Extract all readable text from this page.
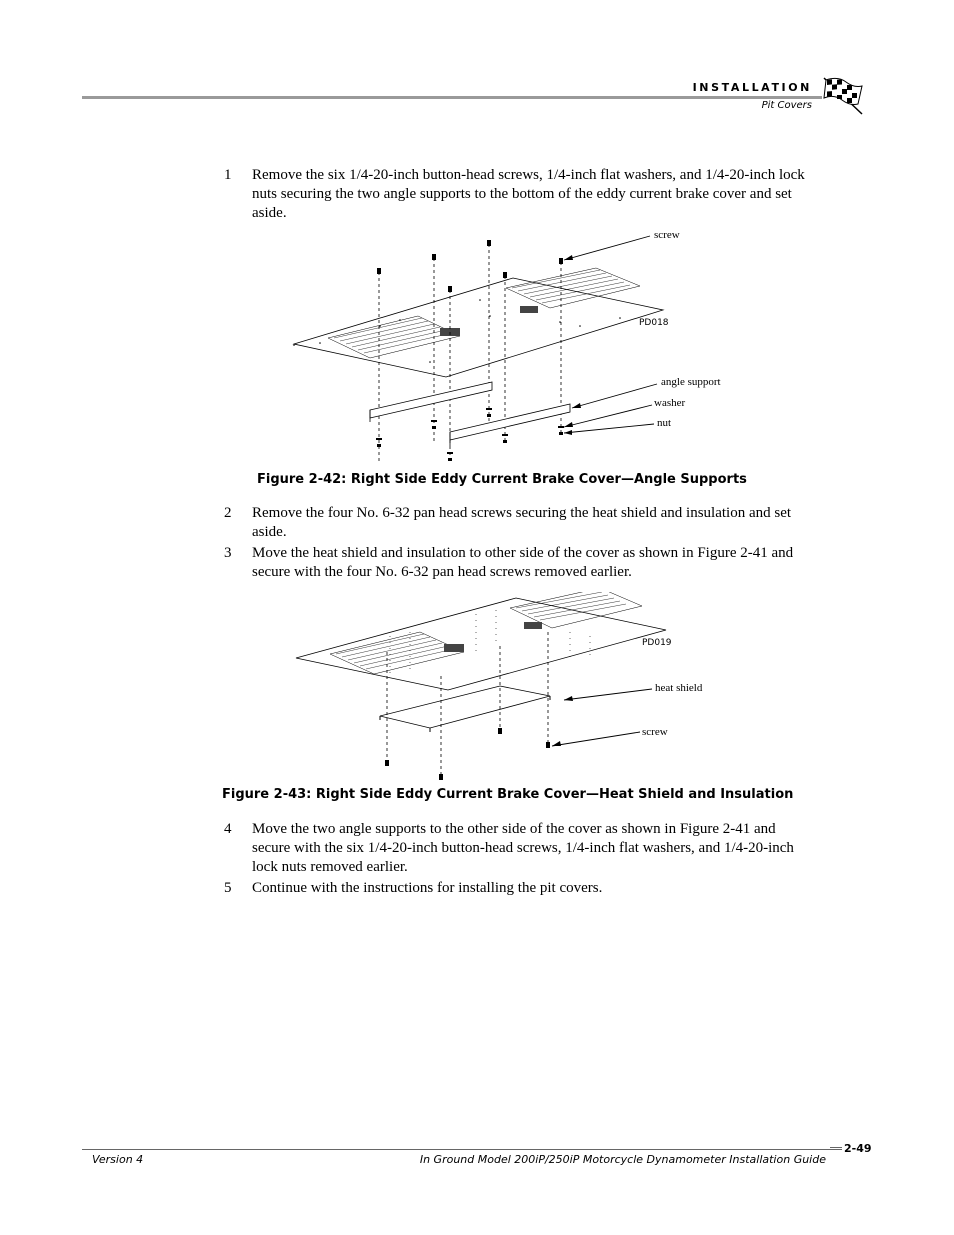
INSTALLATION
Pit Covers
1 Remove the six 1/4-20-inch button-head screws, 1/4-inch flat washers, and 1/4-20-inch lock nuts securing the two angle supports to the bottom of the eddy current brake cover and set aside.
screw
angle support
washer
nut
PD018
Figure 2-42: Right Side Eddy Current Brake Cover—Angle Supports
2 Remove the four No. 6-32 pan head screws securing the heat shield and insulation and set aside.
3 Move the heat shield and insulation to other side of the cover as shown in Figure 2-41 and secure with the four No. 6-32 pan head screws removed earlier.
heat shield
screw
PD019
Figure 2-43: Right Side Eddy Current Brake Cover—Heat Shield and Insulation
4 Move the two angle supports to the other side of the cover as shown in Figure 2-41 and secure with the six 1/4-20-inch button-head screws, 1/4-inch flat washers, and 1/4-20-inch lock nuts removed earlier.
5 Continue with the instructions for installing the pit covers.
2-49
Version 4	In Ground Model 200iP/250iP Motorcycle Dynamometer Installation Guide
